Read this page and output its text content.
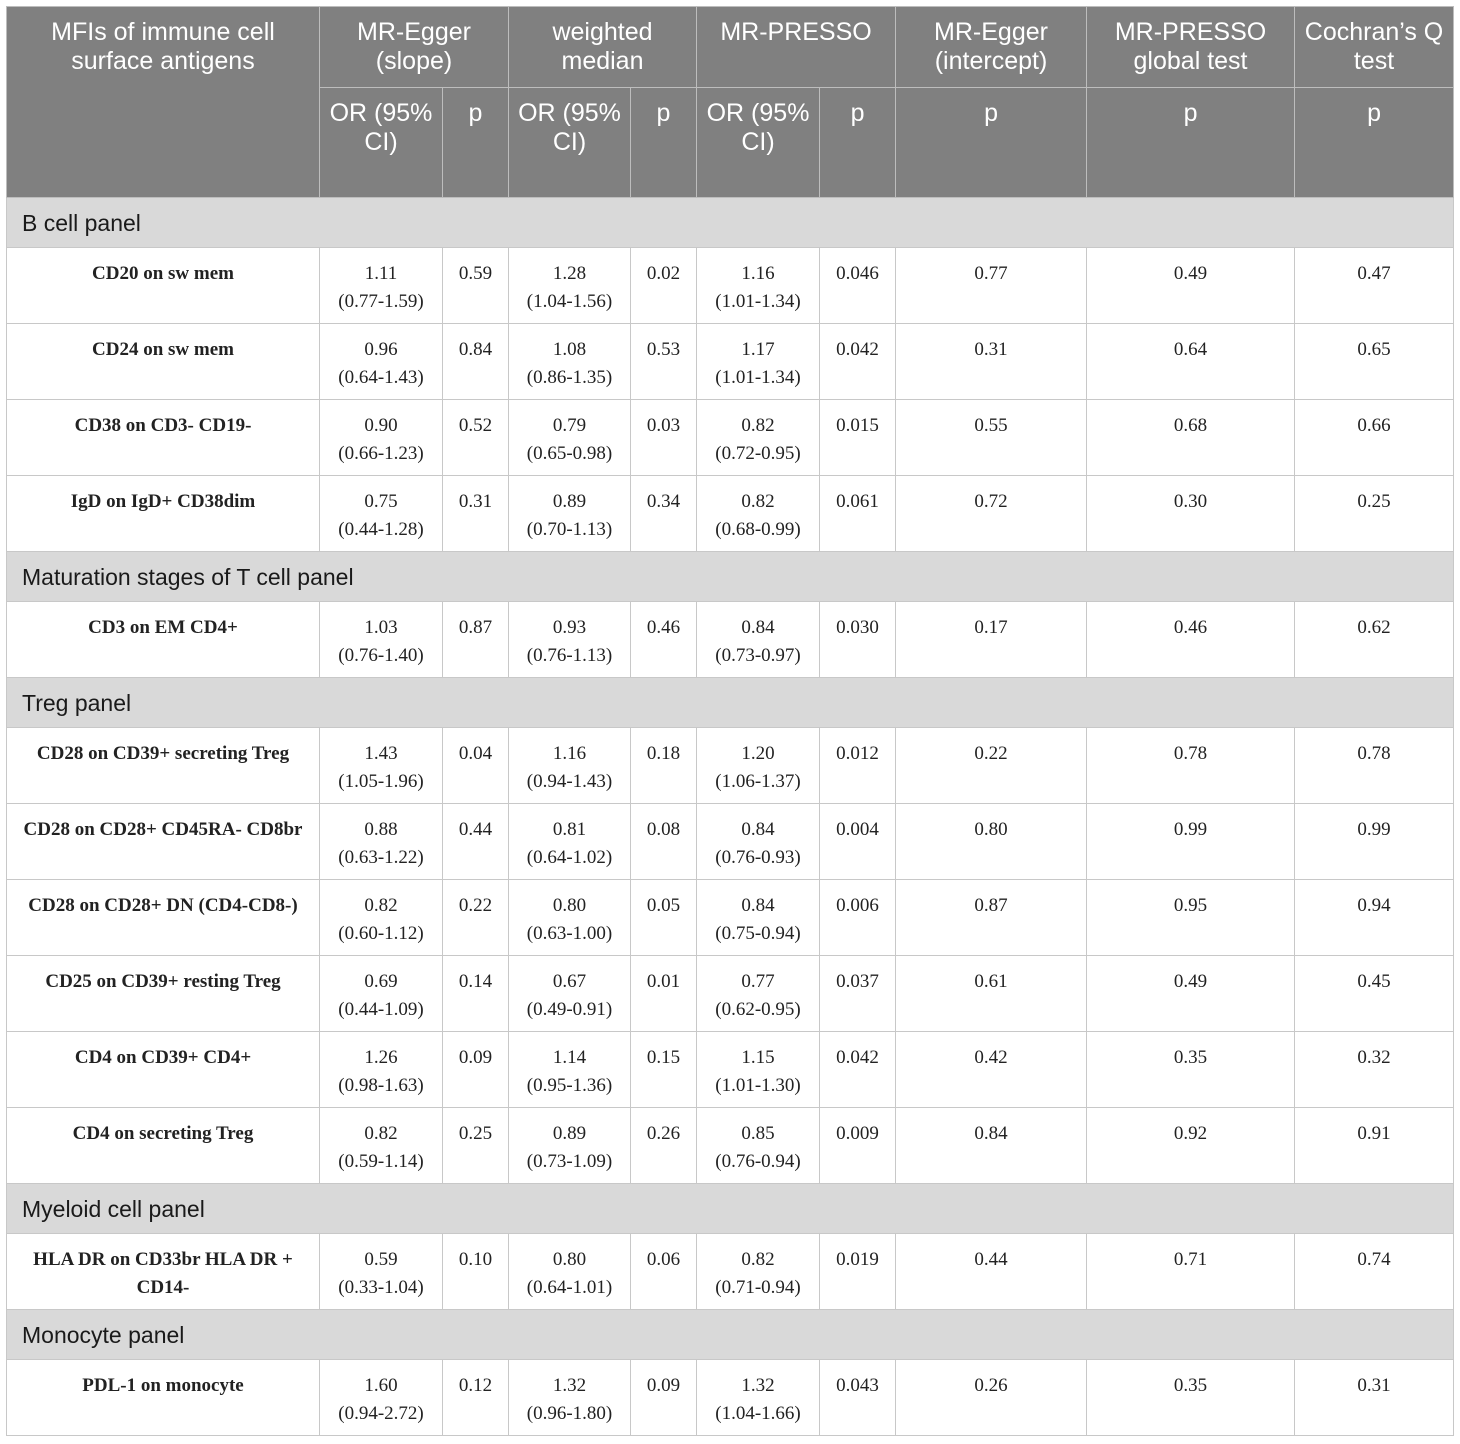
MFIs of immune cell surface antigens	MR-Egger (slope)		weighted median		MR-PRESSO		MR-Egger (intercept)	MR-PRESSO global test	Cochran’s Q test
	OR (95% CI)	p	OR (95% CI)	p	OR (95% CI)	p	p	p	p
B cell panel									
CD20 on sw mem	1.11
(0.77-1.59)	0.59	1.28
(1.04-1.56)	0.02	1.16
(1.01-1.34)	0.046	0.77	0.49	0.47
CD24 on sw mem	0.96
(0.64-1.43)	0.84	1.08
(0.86-1.35)	0.53	1.17
(1.01-1.34)	0.042	0.31	0.64	0.65
CD38 on CD3- CD19-	0.90
(0.66-1.23)	0.52	0.79
(0.65-0.98)	0.03	0.82
(0.72-0.95)	0.015	0.55	0.68	0.66
IgD on IgD+ CD38dim	0.75
(0.44-1.28)	0.31	0.89
(0.70-1.13)	0.34	0.82
(0.68-0.99)	0.061	0.72	0.30	0.25
Maturation stages of T cell panel									
CD3 on EM CD4+	1.03
(0.76-1.40)	0.87	0.93
(0.76-1.13)	0.46	0.84
(0.73-0.97)	0.030	0.17	0.46	0.62
Treg panel									
CD28 on CD39+ secreting Treg	1.43
(1.05-1.96)	0.04	1.16
(0.94-1.43)	0.18	1.20
(1.06-1.37)	0.012	0.22	0.78	0.78
CD28 on CD28+ CD45RA- CD8br	0.88
(0.63-1.22)	0.44	0.81
(0.64-1.02)	0.08	0.84
(0.76-0.93)	0.004	0.80	0.99	0.99
CD28 on CD28+ DN (CD4-CD8-)	0.82
(0.60-1.12)	0.22	0.80
(0.63-1.00)	0.05	0.84
(0.75-0.94)	0.006	0.87	0.95	0.94
CD25 on CD39+ resting Treg	0.69
(0.44-1.09)	0.14	0.67
(0.49-0.91)	0.01	0.77
(0.62-0.95)	0.037	0.61	0.49	0.45
CD4 on CD39+ CD4+	1.26
(0.98-1.63)	0.09	1.14
(0.95-1.36)	0.15	1.15
(1.01-1.30)	0.042	0.42	0.35	0.32
CD4 on secreting Treg	0.82
(0.59-1.14)	0.25	0.89
(0.73-1.09)	0.26	0.85
(0.76-0.94)	0.009	0.84	0.92	0.91
Myeloid cell panel									
HLA DR on CD33br HLA DR + CD14-	0.59
(0.33-1.04)	0.10	0.80
(0.64-1.01)	0.06	0.82
(0.71-0.94)	0.019	0.44	0.71	0.74
Monocyte panel									
PDL-1 on monocyte	1.60
(0.94-2.72)	0.12	1.32
(0.96-1.80)	0.09	1.32
(1.04-1.66)	0.043	0.26	0.35	0.31
